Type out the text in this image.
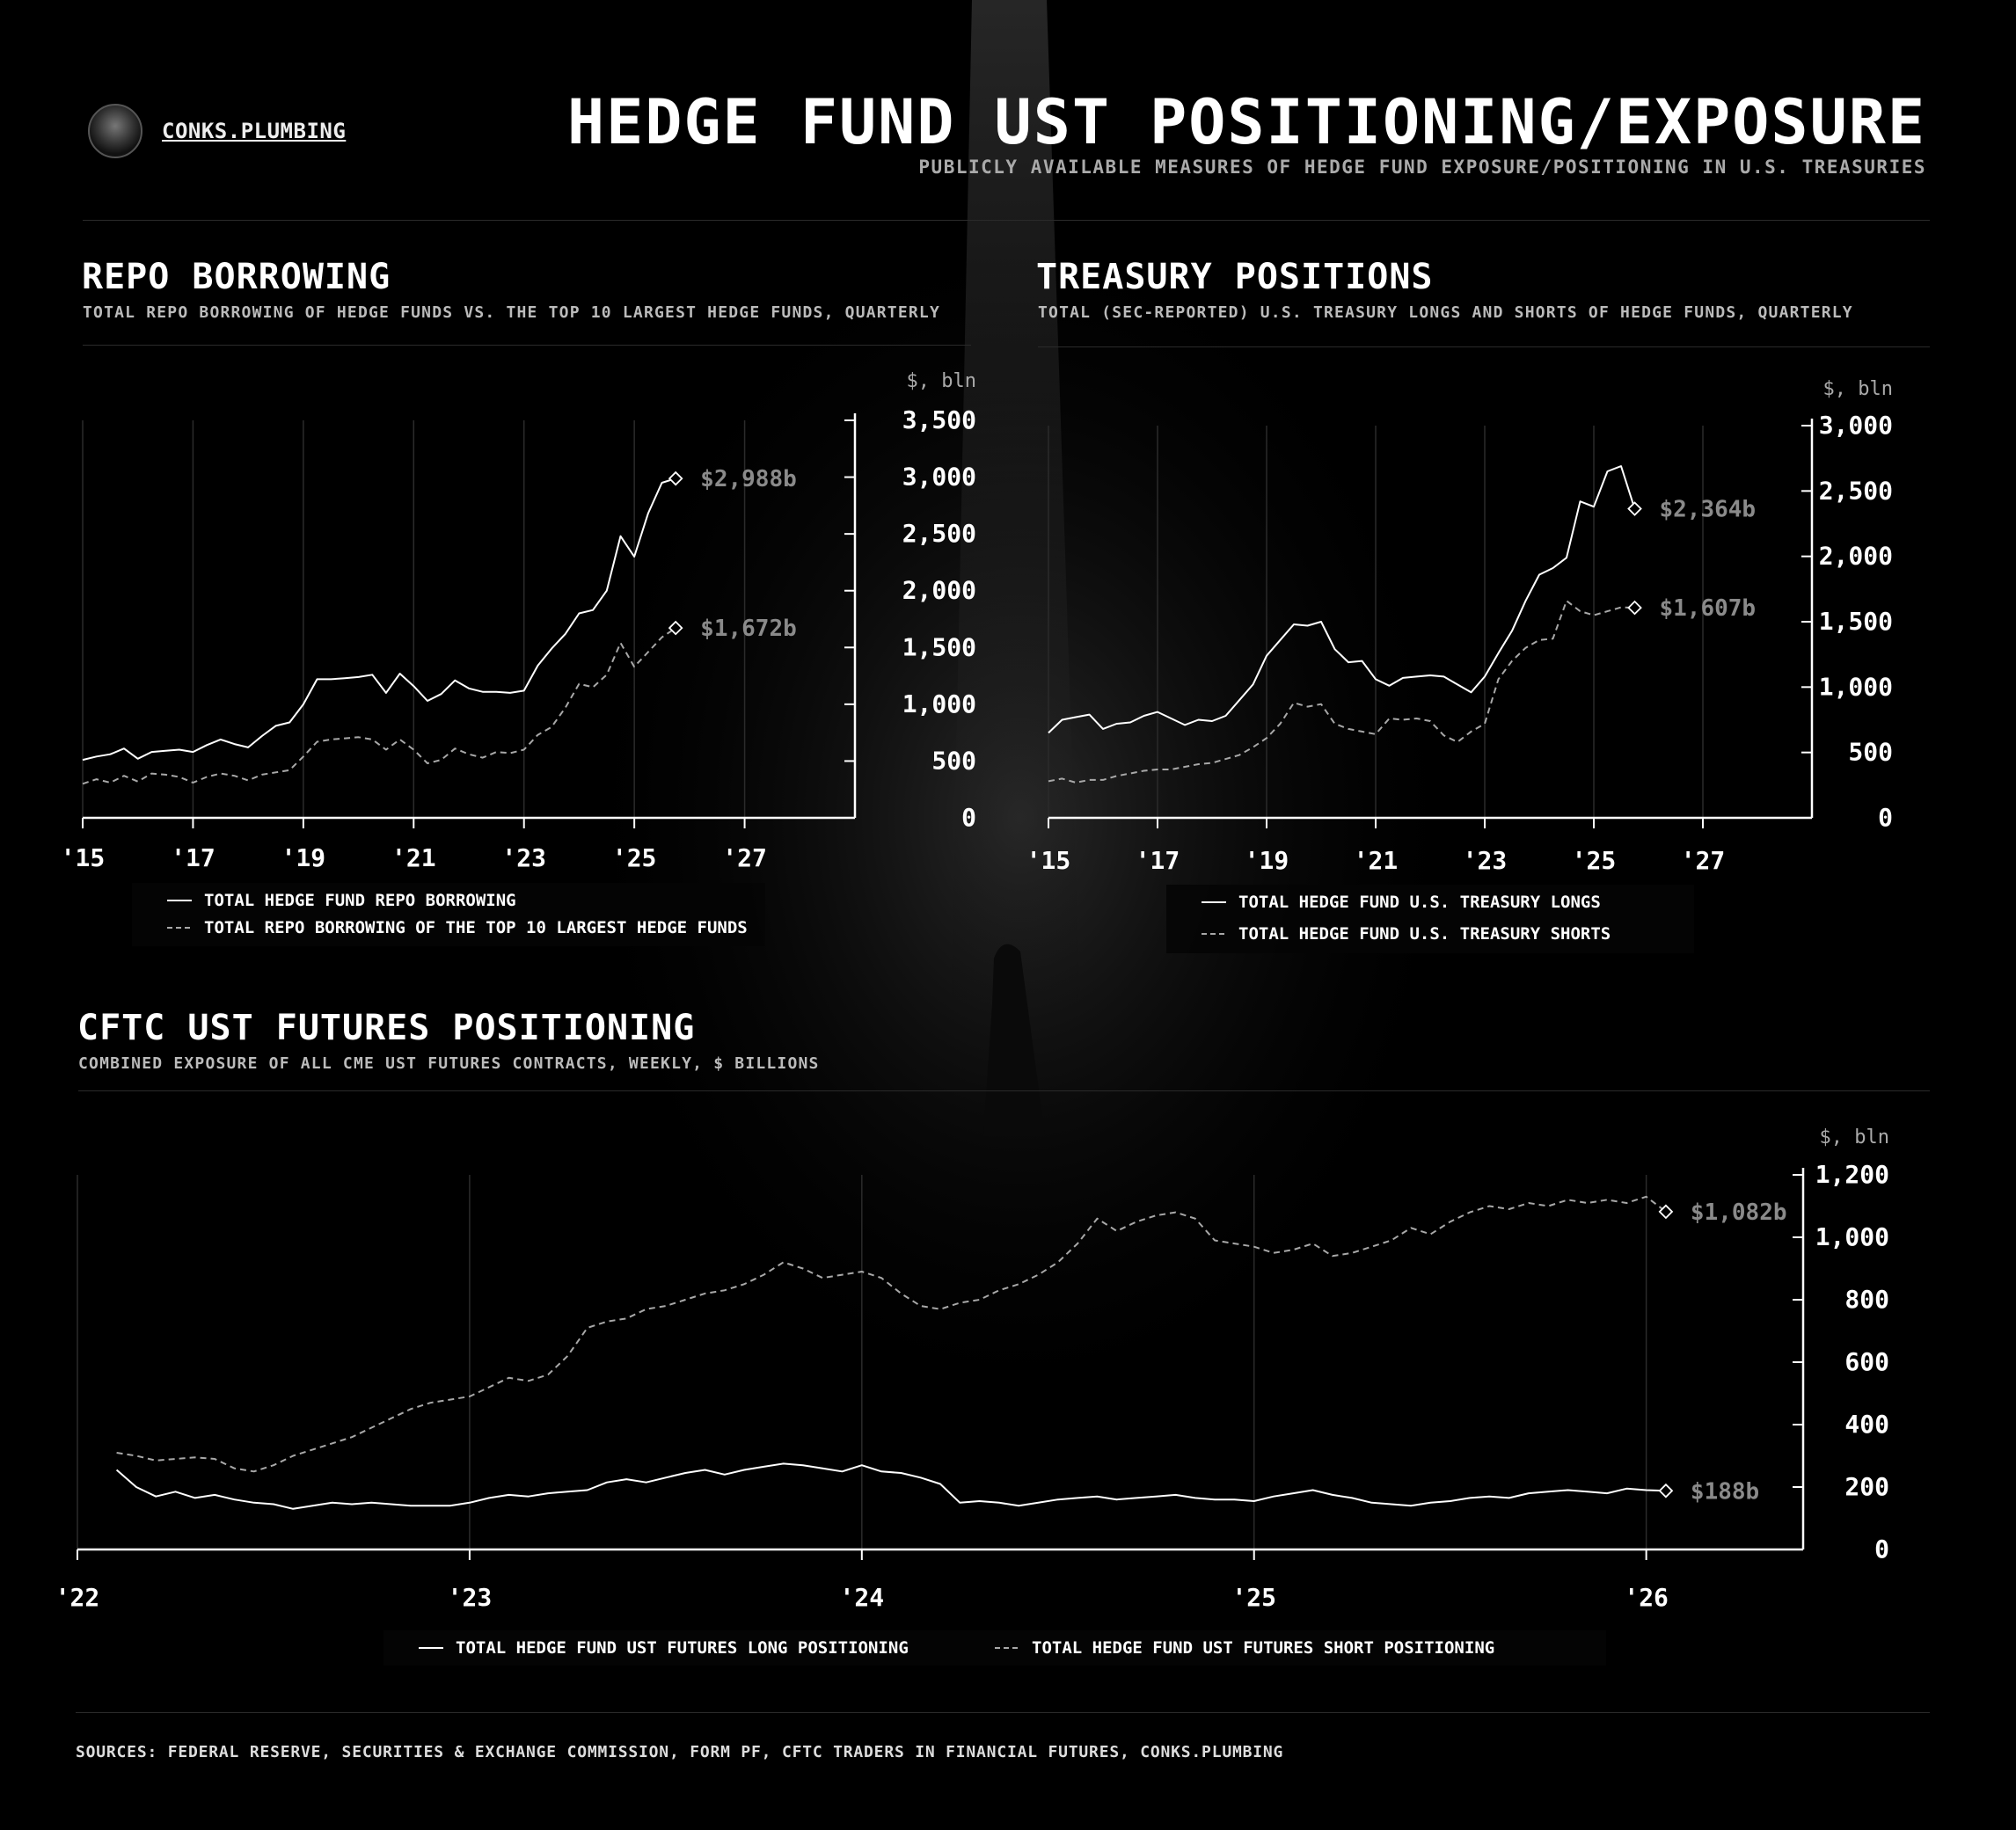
CONKS.PLUMBING	HEDGE FUND UST POSITIONING/EXPOSURE
PUBLICLY AVAILABLE MEASURES OF HEDGE FUND EXPOSURE/POSITIONING IN U.S. TREASURIES
REPO BORROWING
TOTAL REPO BORROWING OF HEDGE FUNDS VS. THE TOP 10 LARGEST HEDGE FUNDS, QUARTERLY
TREASURY POSITIONS
TOTAL (SEC-REPORTED) U.S. TREASURY LONGS AND SHORTS OF HEDGE FUNDS, QUARTERLY
CFTC UST FUTURES POSITIONING
COMBINED EXPOSURE OF ALL CME UST FUTURES CONTRACTS, WEEKLY, $ BILLIONS
'15	'17	'19	'21	'23	'25	'27
0
500
1,000
1,500
2,000
2,500
3,000
3,500
$, bln
$2,988b
$1,672b
TOTAL HEDGE FUND REPO BORROWING
TOTAL REPO BORROWING OF THE TOP 10 LARGEST HEDGE FUNDS
'15	'17	'19	'21	'23	'25	'27
0
500
1,000
1,500
2,000
2,500
3,000
$, bln
$2,364b
$1,607b
TOTAL HEDGE FUND U.S. TREASURY LONGS
TOTAL HEDGE FUND U.S. TREASURY SHORTS
'22	'23	'24	'25	'26
0
200
400
600
800
1,000
1,200
$, bln
$188b
$1,082b
TOTAL HEDGE FUND UST FUTURES LONG POSITIONING	TOTAL HEDGE FUND UST FUTURES SHORT POSITIONING
SOURCES: FEDERAL RESERVE, SECURITIES & EXCHANGE COMMISSION, FORM PF, CFTC TRADERS IN FINANCIAL FUTURES, CONKS.PLUMBING
